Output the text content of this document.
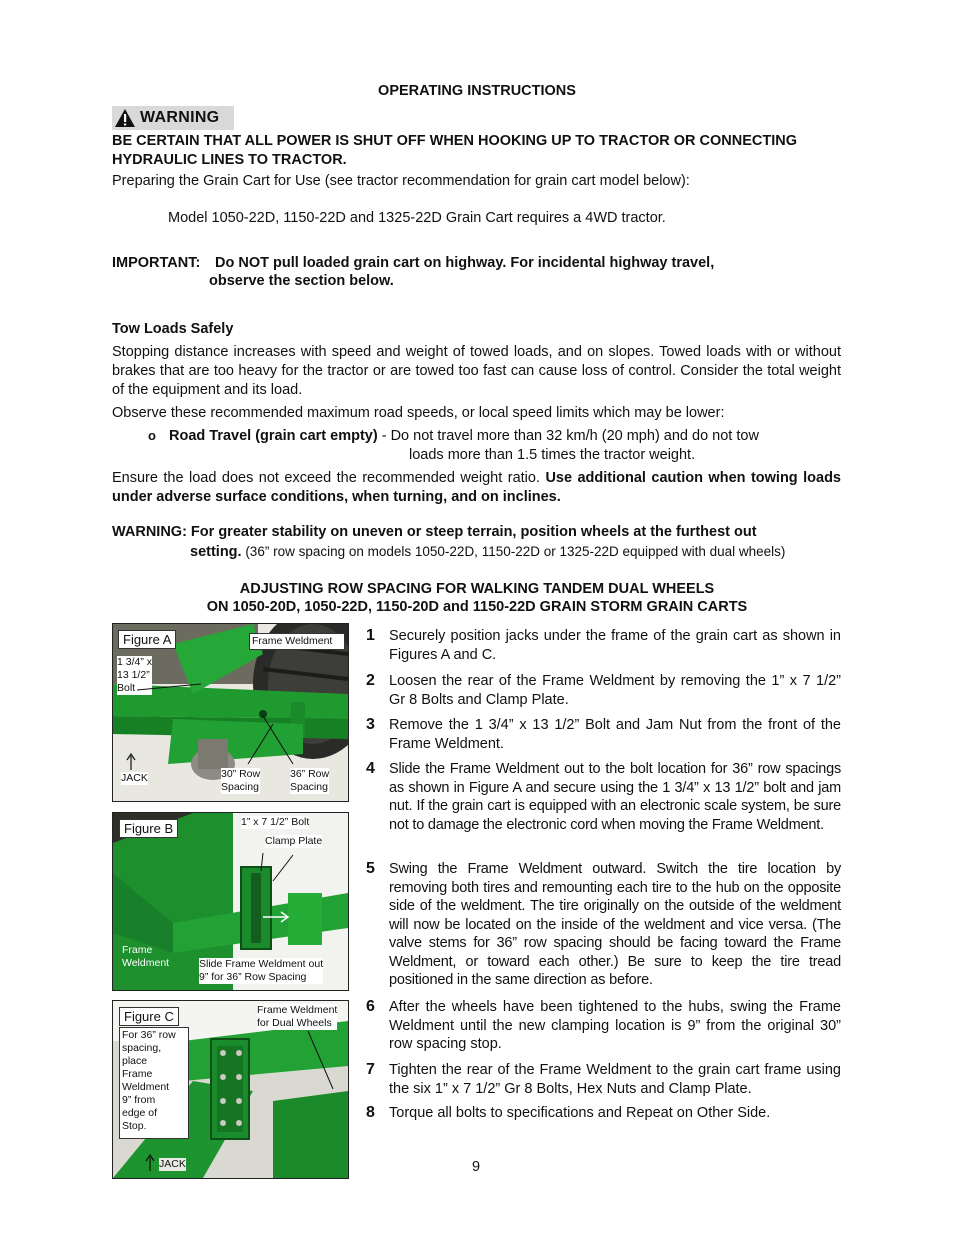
OPERATING INSTRUCTIONS
WARNING
BE CERTAIN THAT ALL POWER IS SHUT OFF WHEN HOOKING UP TO TRACTOR OR CONNECTING HYDRAULIC LINES TO TRACTOR.
Preparing the Grain Cart for Use (see tractor recommendation for grain cart model below):
Model 1050-22D, 1150-22D and 1325-22D Grain Cart requires a 4WD tractor.
IMPORTANT: Do NOT pull loaded grain cart on highway. For incidental highway travel,
observe the section below.
Tow Loads Safely
Stopping distance increases with speed and weight of towed loads, and on slopes. Towed loads with or without brakes that are too heavy for the tractor or are towed too fast can cause loss of control. Consider the total weight of the equipment and its load.
Observe these recommended maximum road speeds, or local speed limits which may be lower:
o Road Travel (grain cart empty) - Do not travel more than 32 km/h (20 mph) and do not tow
loads more than 1.5 times the tractor weight.
Ensure the load does not exceed the recommended weight ratio. Use additional caution when towing loads under adverse surface conditions, when turning, and on inclines.
WARNING: For greater stability on uneven or steep terrain, position wheels at the furthest out
setting. (36” row spacing on models 1050-22D, 1150-22D or 1325-22D equipped with dual wheels)
ADJUSTING ROW SPACING FOR WALKING TANDEM DUAL WHEELS
ON 1050-20D, 1050-22D, 1150-20D and 1150-22D GRAIN STORM GRAIN CARTS
Figure A	Frame Weldment
1 3/4” x
13 1/2”
Bolt
JACK	30” Row
Spacing
36” Row
Spacing
Figure B	1” x 7 1/2” Bolt
Clamp Plate
Frame
Weldment	Slide Frame Weldment out
9” for 36” Row Spacing
Figure C	Frame Weldment
for Dual Wheels
For 36” row
spacing,
place
Frame
Weldment
9” from
edge of
Stop.
JACK
1 Securely position jacks under the frame of the grain cart as shown in Figures A and C.
2 Loosen the rear of the Frame Weldment by removing the 1” x 7 1/2” Gr 8 Bolts and Clamp Plate.
3 Remove the 1 3/4” x 13 1/2” Bolt and Jam Nut from the front of the Frame Weldment.
4 Slide the Frame Weldment out to the bolt location for 36” row spacings as shown in Figure A and secure using the 1 3/4” x 13 1/2” bolt and jam nut. If the grain cart is equipped with an electronic scale system, be sure not to damage the electronic cord when moving the Frame Weldment.
5 Swing the Frame Weldment outward. Switch the tire location by removing both tires and remounting each tire to the hub on the opposite side of the weldment. The tire originally on the outside of the weldment will now be located on the inside of the weldment and vice versa. (The valve stems for 36” row spacing should be facing toward the Frame Weldment, or toward each other.) Be sure to keep the tire tread positioned in the same direction as before.
6 After the wheels have been tightened to the hubs, swing the Frame Weldment until the new clamping location is 9” from the original 30” row spacing stop.
7 Tighten the rear of the Frame Weldment to the grain cart frame using the six 1” x 7 1/2” Gr 8 Bolts, Hex Nuts and Clamp Plate.
8 Torque all bolts to specifications and Repeat on Other Side.
9
